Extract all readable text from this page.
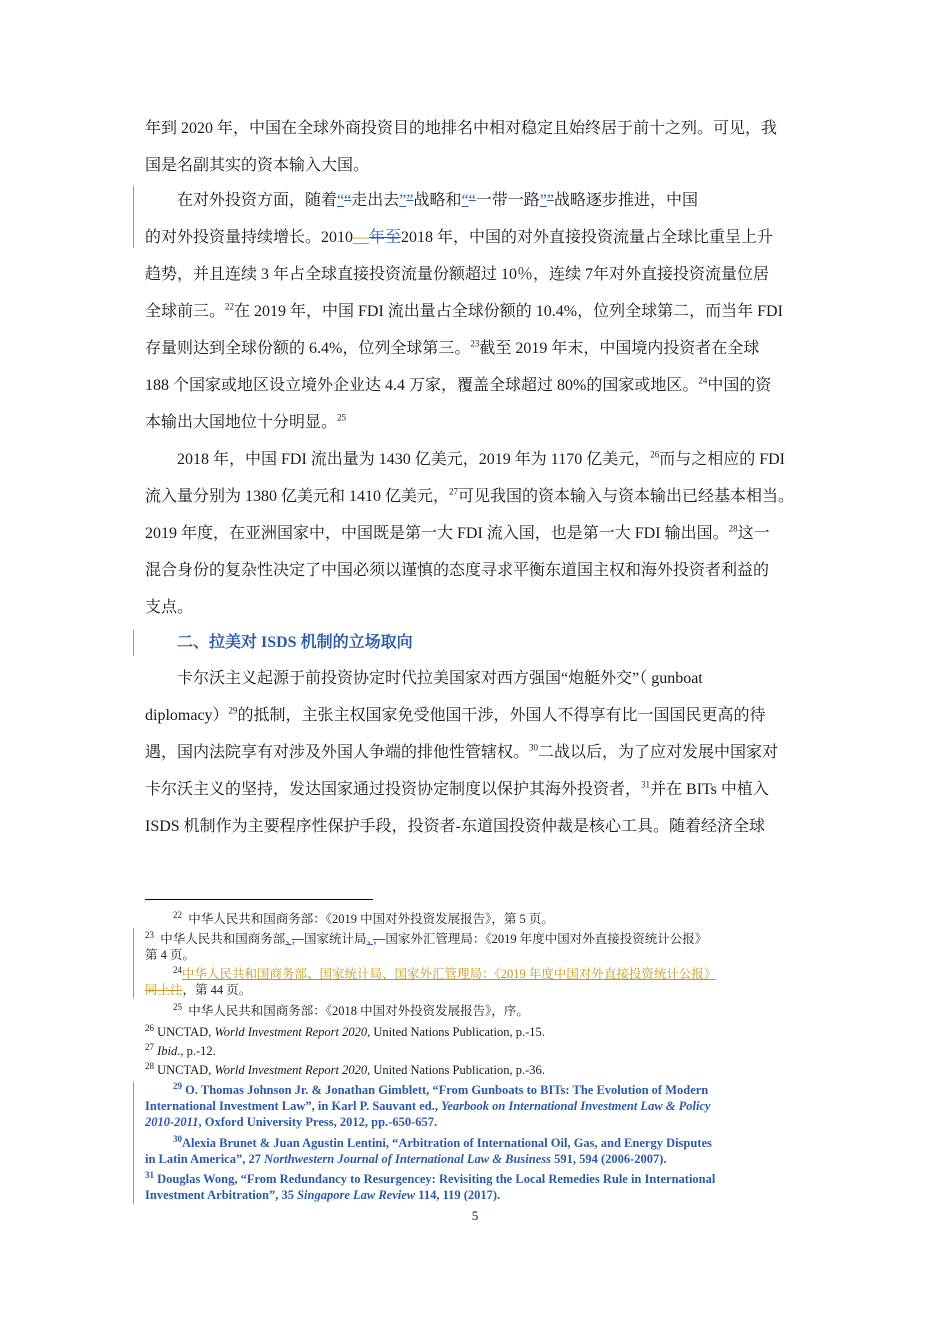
年到 2020 年，中国在全球外商投资目的地排名中相对稳定且始终居于前十之列。可见，我
国是名副其实的资本输入大国。
在对外投资方面，随着““走出去””战略和““一带一路””战略逐步推进，中国
的对外投资量持续增长。2010—年至2018 年，中国的对外直接投资流量占全球比重呈上升
趋势，并且连续 3 年占全球直接投资流量份额超过 10％，连续 7年对外直接投资流量位居
全球前三。$^{22}$在 2019 年，中国 FDI 流出量占全球份额的 10.4%，位列全球第二，而当年 FDI
存量则达到全球份额的 6.4%，位列全球第三。$^{23}$截至 2019 年末，中国境内投资者在全球
188 个国家或地区设立境外企业达 4.4 万家，覆盖全球超过 80%的国家或地区。$^{24}$中国的资
本输出大国地位十分明显。$^{25}$
2018 年，中国 FDI 流出量为 1430 亿美元，2019 年为 1170 亿美元，$^{26}$而与之相应的 FDI
流入量分别为 1380 亿美元和 1410 亿美元，$^{27}$可见我国的资本输入与资本输出已经基本相当。
2019 年度，在亚洲国家中，中国既是第一大 FDI 流入国，也是第一大 FDI 输出国。$^{28}$这一
混合身份的复杂性决定了中国必须以谨慎的态度寻求平衡东道国主权和海外投资者利益的
支点。
二、拉美对 ISDS 机制的立场取向
卡尔沃主义起源于前投资协定时代拉美国家对西方强国“炮艇外交”（ gunboat
diplomacy）$^{29}$的抵制，主张主权国家免受他国干涉，外国人不得享有比一国国民更高的待
遇，国内法院享有对涉及外国人争端的排他性管辖权。$^{30}$二战以后，为了应对发展中国家对
卡尔沃主义的坚持，发达国家通过投资协定制度以保护其海外投资者，$^{31}$并在 BITs 中植入
ISDS 机制作为主要程序性保护手段，投资者-东道国投资仲裁是核心工具。随着经济全球
$^{22}$ 中华人民共和国商务部：《2019 中国对外投资发展报告》，第 5 页。
$^{23}$ 中华人民共和国商务部、，国家统计局、，国家外汇管理局：《2019 年度中国对外直接投资统计公报》
第 4 页。
$^{24}$中华人民共和国商务部、国家统计局、国家外汇管理局：《2019 年度中国对外直接投资统计公报》
同上注，第 44 页。
$^{25}$ 中华人民共和国商务部：《2018 中国对外投资发展报告》，序。
$^{26}$ UNCTAD, World Investment Report 2020, United Nations Publication, p.-15.
$^{27}$ Ibid., p.-12.
$^{28}$ UNCTAD, World Investment Report 2020, United Nations Publication, p.-36.
$^{29}$ O. Thomas Johnson Jr. & Jonathan Gimblett, “From Gunboats to BITs: The Evolution of Modern
International Investment Law”, in Karl P. Sauvant ed., Yearbook on International Investment Law & Policy
2010-2011, Oxford University Press, 2012, pp.-650-657.
$^{30}$Alexia Brunet & Juan Agustin Lentini, “Arbitration of International Oil, Gas, and Energy Disputes
in Latin America”, 27 Northwestern Journal of International Law & Business 591, 594 (2006-2007).
$^{31}$ Douglas Wong, “From Redundancy to Resurgencey: Revisiting the Local Remedies Rule in International
Investment Arbitration”, 35 Singapore Law Review 114, 119 (2017).
5
